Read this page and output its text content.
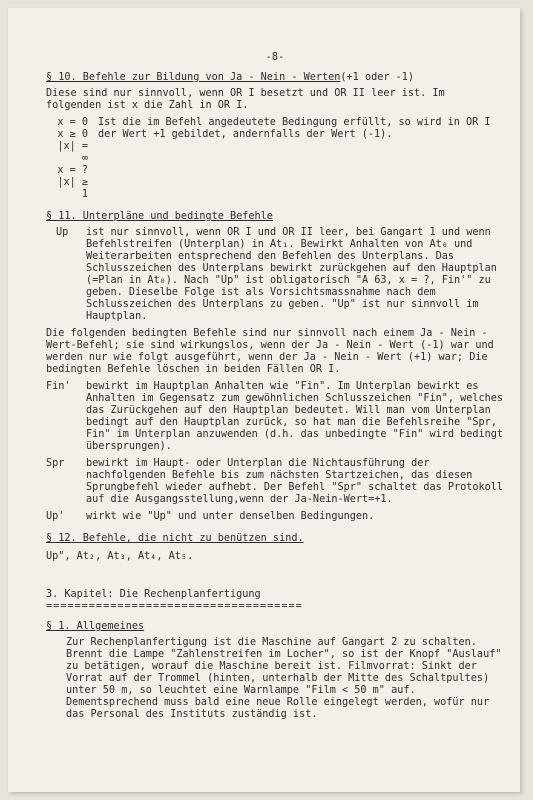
-8-
§ 10. Befehle zur Bildung von Ja - Nein - Werten(+1 oder -1)

Diese sind nur sinnvoll, wenn OR I besetzt und OR II leer ist. Im folgenden ist x die Zahl in OR I.

x = 0
x ≥ 0
|x| = ∞
x = ?
|x| ≥ 1
Ist die im Befehl angedeutete Bedingung erfüllt, so wird in OR I der Wert +1 gebildet, andernfalls der Wert (-1).
§ 11. Unterpläne und bedingte Befehle
Up	ist nur sinnvoll, wenn OR I und OR II leer, bei Gangart 1 und wenn Befehlstreifen (Unterplan) in At₁. Bewirkt Anhalten von At₀ und Weiterarbeiten entsprechend den Befehlen des Unterplans. Das Schlusszeichen des Unterplans bewirkt zurückgehen auf den Hauptplan (=Plan in At₀). Nach "Up" ist obligatorisch "A 63, x = ?, Fin'" zu geben. Dieselbe Folge ist als Vorsichtsmassnahme nach dem Schlusszeichen des Unterplans zu geben. "Up" ist nur sinnvoll im Hauptplan.

Die folgenden bedingten Befehle sind nur sinnvoll nach einem Ja - Nein - Wert-Befehl; sie sind wirkungslos, wenn der Ja - Nein - Wert (-1) war und werden nur wie folgt ausgeführt, wenn der Ja - Nein - Wert (+1) war; Die bedingten Befehle löschen in beiden Fällen OR I.

Fin'	bewirkt im Hauptplan Anhalten wie "Fin". Im Unterplan bewirkt es Anhalten im Gegensatz zum gewöhnlichen Schlusszeichen "Fin", welches das Zurückgehen auf den Hauptplan bedeutet. Will man vom Unterplan bedingt auf den Hauptplan zurück, so hat man die Befehlsreihe "Spr, Fin" im Unterplan anzuwenden (d.h. das unbedingte "Fin" wird bedingt übersprungen).
Spr	bewirkt im Haupt- oder Unterplan die Nichtausführung der nachfolgenden Befehle bis zum nächsten Startzeichen, das diesen Sprungbefehl wieder aufhebt. Der Befehl "Spr" schaltet das Protokoll auf die Ausgangsstellung,wenn der Ja-Nein-Wert=+1.
Up'	wirkt wie "Up" und unter denselben Bedingungen.
§ 12. Befehle, die nicht zu benützen sind.

Up", At₂, At₃, At₄, At₅.

3. Kapitel: Die Rechenplanfertigung
====================================
§ 1. Allgemeines

Zur Rechenplanfertigung ist die Maschine auf Gangart 2 zu schalten. Brennt die Lampe "Zahlenstreifen im Locher", so ist der Knopf "Auslauf" zu betätigen, worauf die Maschine bereit ist. Filmvorrat: Sinkt der Vorrat auf der Trommel (hinten, unterhalb der Mitte des Schaltpultes) unter 50 m, so leuchtet eine Warnlampe "Film < 50 m" auf. Dementsprechend muss bald eine neue Rolle eingelegt werden, wofür nur das Personal des Instituts zuständig ist.
